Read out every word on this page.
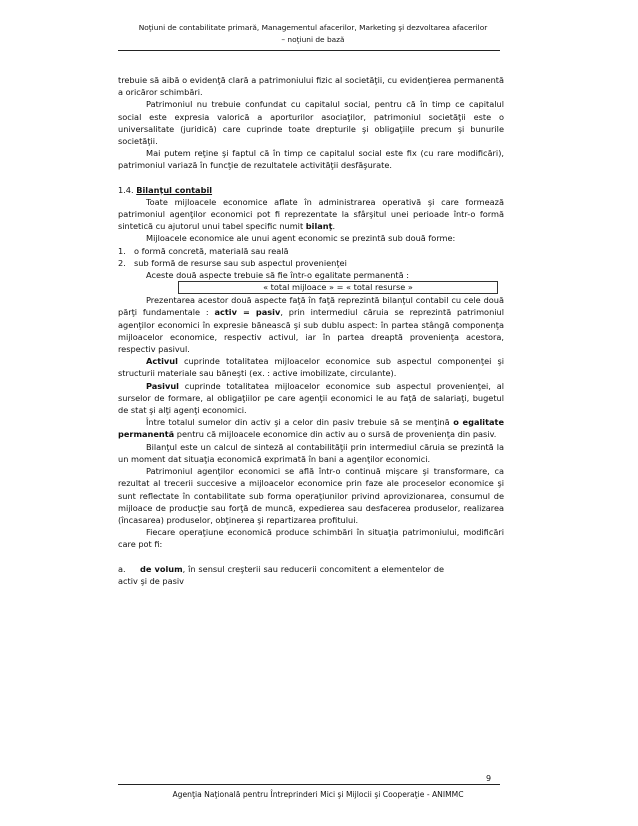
Noţiuni de contabilitate primară, Managementul afacerilor, Marketing şi dezvoltarea afacerilor
– noţiuni de bază

trebuie să aibă o evidenţă clară a patrimoniului fizic al societăţii, cu evidenţierea permanentă a oricăror schimbări.

Patrimoniul nu trebuie confundat cu capitalul social, pentru că în timp ce capitalul social este expresia valorică a aporturilor asociaţilor, patrimoniul societăţii este o universalitate (juridică) care cuprinde toate drepturile şi obligaţiile precum şi bunurile societăţii.

Mai putem reţine şi faptul că în timp ce capitalul social este fix (cu rare modificări), patrimoniul variază în funcţie de rezultatele activităţii desfăşurate.

1.4. Bilanţul contabil

Toate mijloacele economice aflate în administrarea operativă şi care formează patrimoniul agenţilor economici pot fi reprezentate la sfârşitul unei perioade într-o formă sintetică cu ajutorul unui tabel specific numit bilanţ.

Mijloacele economice ale unui agent economic se prezintă sub două forme:

1. o formă concretă, materială sau reală

2. sub formă de resurse sau sub aspectul provenienţei

Aceste două aspecte trebuie să fie într-o egalitate permanentă :

« total mijloace » = « total resurse »

Prezentarea acestor două aspecte faţă în faţă reprezintă bilanţul contabil cu cele două părţi fundamentale : activ = pasiv, prin intermediul căruia se reprezintă patrimoniul agenţilor economici în expresie bănească şi sub dublu aspect: în partea stângă componenţa mijloacelor economice, respectiv activul, iar în partea dreaptă provenienţa acestora, respectiv pasivul.

Activul cuprinde totalitatea mijloacelor economice sub aspectul componenţei şi structurii materiale sau băneşti (ex. : active imobilizate, circulante).

Pasivul cuprinde totalitatea mijloacelor economice sub aspectul provenienţei, al surselor de formare, al obligaţiilor pe care agenţii economici le au faţă de salariaţi, bugetul de stat şi alţi agenţi economici.

Între totalul sumelor din activ şi a celor din pasiv trebuie să se menţină o egalitate permanentă pentru că mijloacele economice din activ au o sursă de provenienţa din pasiv.

Bilanţul este un calcul de sinteză al contabilităţii prin intermediul căruia se prezintă la un moment dat situaţia economică exprimată în bani a agenţilor economici.

Patrimoniul agenţilor economici se află într-o continuă mişcare şi transformare, ca rezultat al trecerii succesive a mijloacelor economice prin faze ale proceselor economice şi sunt reflectate în contabilitate sub forma operaţiunilor privind aprovizionarea, consumul de mijloace de producţie sau forţă de muncă, expedierea sau desfacerea produselor, realizarea (încasarea) produselor, obţinerea şi repartizarea profitului.

Fiecare operaţiune economică produce schimbări în situaţia patrimoniului, modificări care pot fi:

a. de volum, în sensul creşterii sau reducerii concomitent a elementelor de activ şi de pasiv

9
Agenţia Naţională pentru Întreprinderi Mici şi Mijlocii şi Cooperaţie - ANIMMC
